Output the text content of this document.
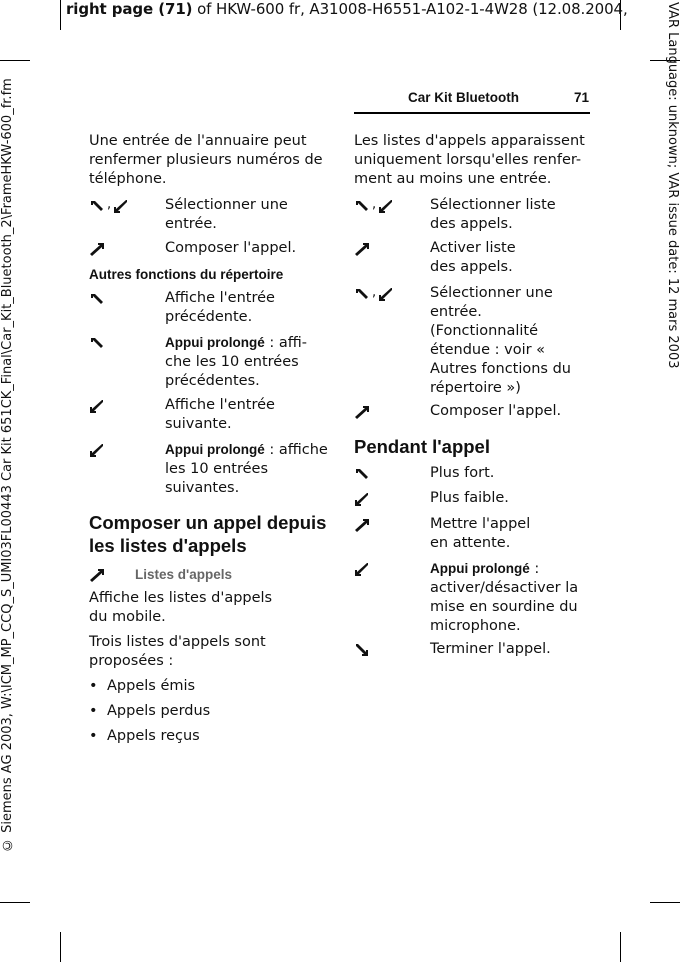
right page (71) of HKW-600 fr, A31008-H6551-A102-1-4W28 (12.08.2004,	VAR Language: unknown; VAR issue date: 12 mars 2003
© Siemens AG 2003, W:\ICM_MP_CCQ_S_UMI03FL00443 Car Kit 651CK_Final\Car_Kit_Bluetooth_2\FrameHKW-600_fr.fm	Car Kit Bluetooth	71

Une entrée de l'annuaire peut renfermer plusieurs numéros de téléphone.

,	Sélectionner une entrée.
Composer l'appel.
Autres fonctions du répertoire
Affiche l'entrée précédente.
Appui prolongé : affi-che les 10 entrées précédentes.
Affiche l'entrée suivante.
Appui prolongé : affiche les 10 entrées suivantes.
Composer un appel depuis les listes d'appels
Listes d'appels

Affiche les listes d'appels du mobile.

Trois listes d'appels sont proposées :

• Appels émis
• Appels perdus
• Appels reçus

Les listes d'appels apparaissent uniquement lorsqu'elles renfer-ment au moins une entrée.

,	Sélectionner liste des appels.
Activer liste des appels.
,	Sélectionner une entrée. (Fonctionnalité étendue : voir « Autres fonctions du répertoire »)
Composer l'appel.
Pendant l'appel
Plus fort.
Plus faible.
Mettre l'appel en attente.
Appui prolongé : activer/désactiver la mise en sourdine du microphone.
Terminer l'appel.
